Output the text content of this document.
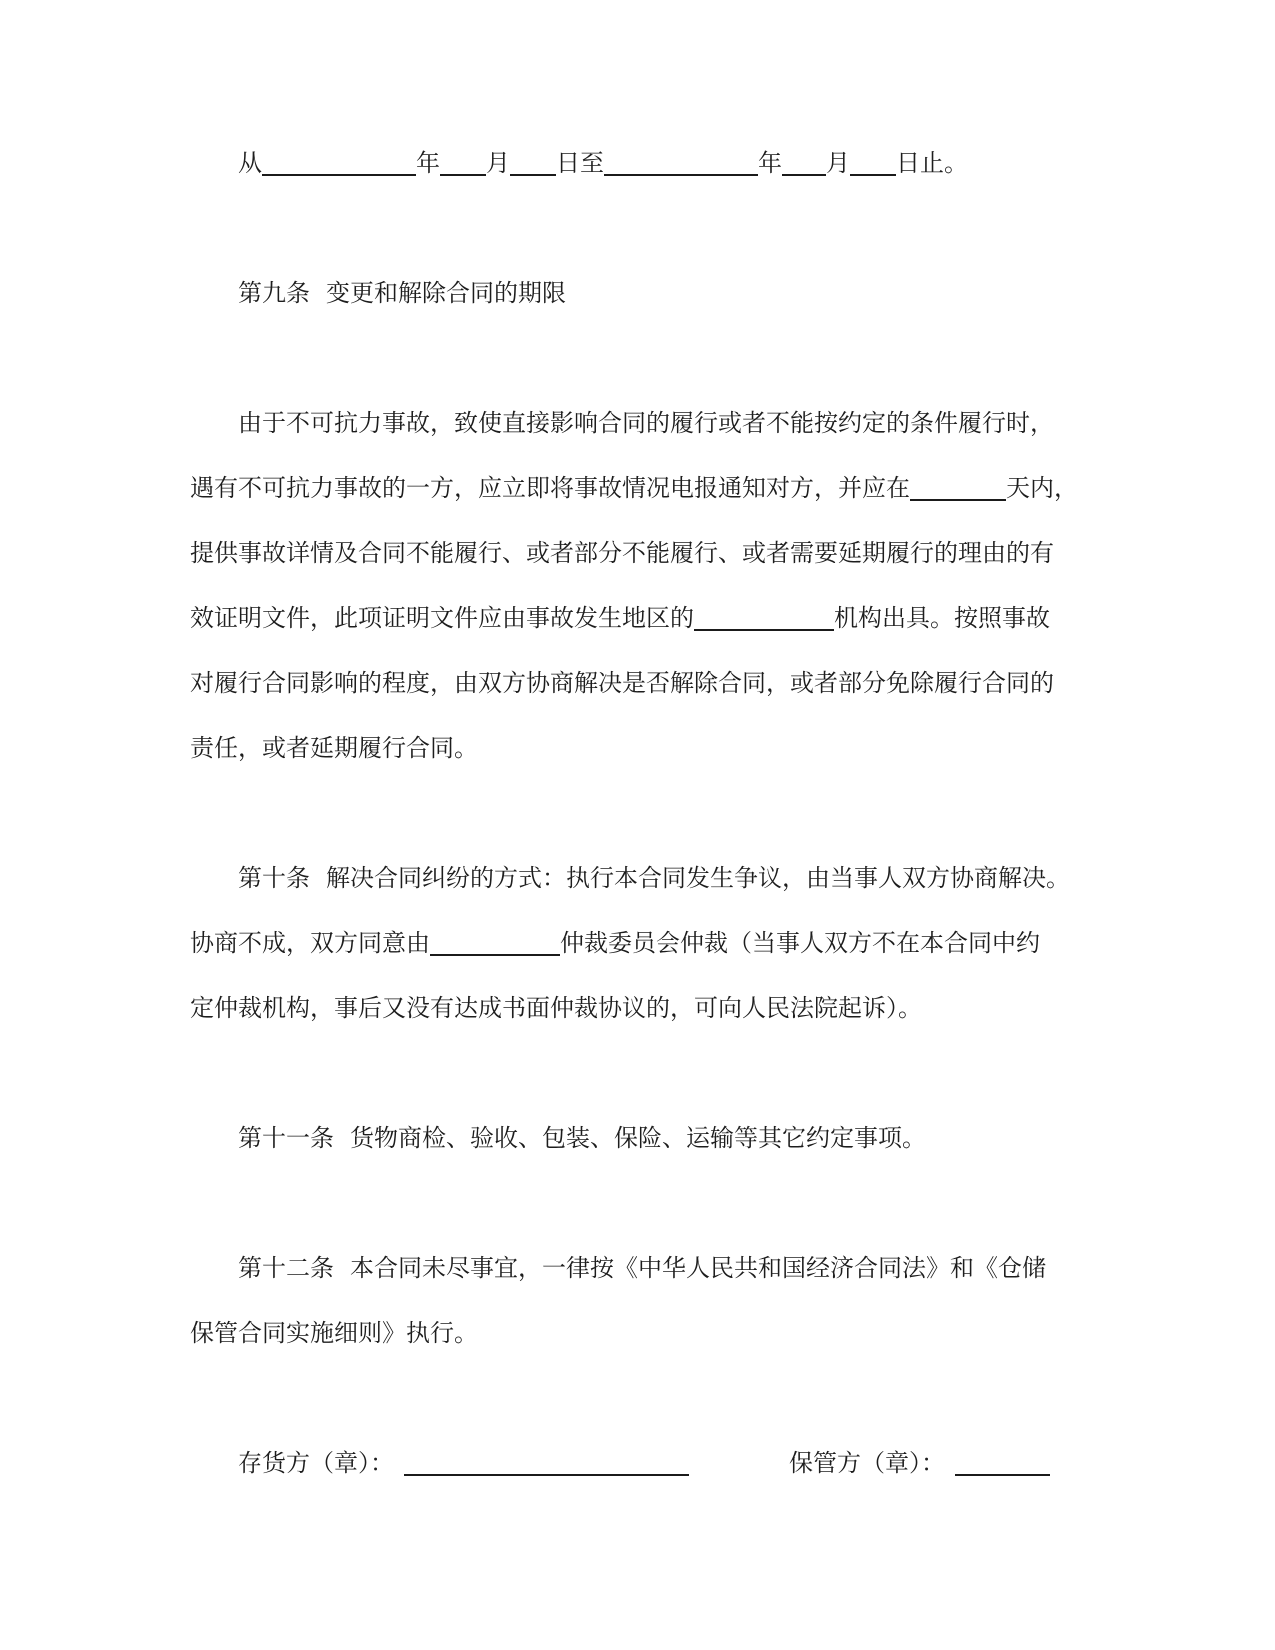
从	年 月 日至	年 月 日止。
第九条 变更和解除合同的期限
由于不可抗力事故，致使直接影响合同的履行或者不能按约定的条件履行时，
遇有不可抗力事故的一方，应立即将事故情况电报通知对方，并应在	天内，
提供事故详情及合同不能履行、或者部分不能履行、或者需要延期履行的理由的有
效证明文件，此项证明文件应由事故发生地区的	机构出具。按照事故
对履行合同影响的程度，由双方协商解决是否解除合同，或者部分免除履行合同的
责任，或者延期履行合同。
第十条 解决合同纠纷的方式：执行本合同发生争议，由当事人双方协商解决。
协商不成，双方同意由	仲裁委员会仲裁（当事人双方不在本合同中约
定仲裁机构，事后又没有达成书面仲裁协议的，可向人民法院起诉）。
第十一条 货物商检、验收、包装、保险、运输等其它约定事项。
第十二条 本合同未尽事宜，一律按《中华人民共和国经济合同法》和《仓储
保管合同实施细则》执行。
存货方（章）：	保管方（章）：
